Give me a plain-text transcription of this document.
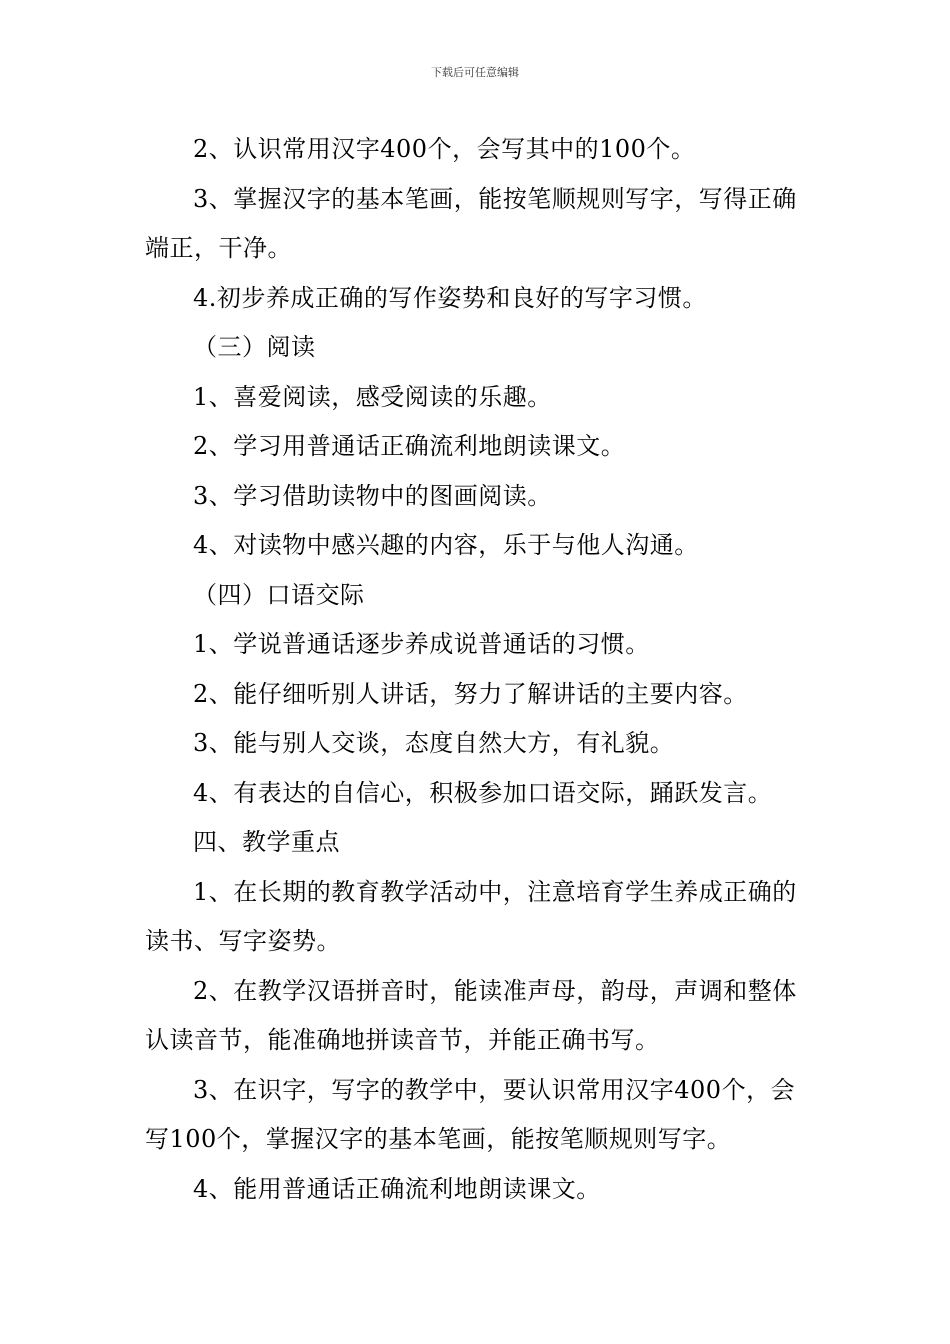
下载后可任意编辑

2、认识常用汉字400个，会写其中的100个。

3、掌握汉字的基本笔画，能按笔顺规则写字，写得正确端正，干净。

4.初步养成正确的写作姿势和良好的写字习惯。

（三）阅读

1、喜爱阅读，感受阅读的乐趣。

2、学习用普通话正确流利地朗读课文。

3、学习借助读物中的图画阅读。

4、对读物中感兴趣的内容，乐于与他人沟通。

（四）口语交际

1、学说普通话逐步养成说普通话的习惯。

2、能仔细听别人讲话，努力了解讲话的主要内容。

3、能与别人交谈，态度自然大方，有礼貌。

4、有表达的自信心，积极参加口语交际，踊跃发言。

四、教学重点

1、在长期的教育教学活动中，注意培育学生养成正确的读书、写字姿势。

2、在教学汉语拼音时，能读准声母，韵母，声调和整体认读音节，能准确地拼读音节，并能正确书写。

3、在识字，写字的教学中，要认识常用汉字400个，会写100个，掌握汉字的基本笔画，能按笔顺规则写字。

4、能用普通话正确流利地朗读课文。
